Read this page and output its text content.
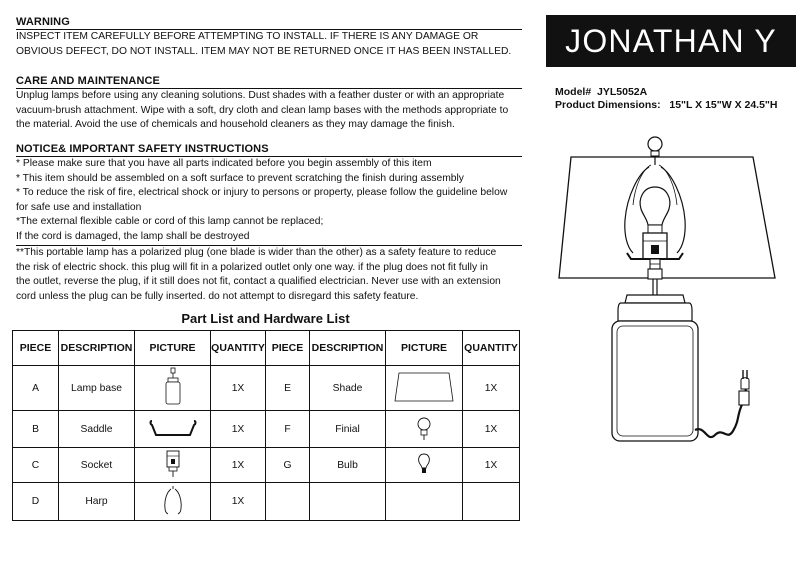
WARNING
INSPECT ITEM CAREFULLY BEFORE ATTEMPTING TO INSTALL. IF THERE IS ANY DAMAGE OR
OBVIOUS DEFECT, DO NOT INSTALL. ITEM MAY NOT BE RETURNED ONCE IT HAS BEEN INSTALLED.
CARE AND MAINTENANCE
Unplug lamps before using any cleaning solutions. Dust shades with a feather duster or with an appropriate
vacuum-brush attachment. Wipe with a soft, dry cloth and clean lamp bases with the methods appropriate to
the material. Avoid the use of chemicals and household cleaners as they may damage the finish.
NOTICE& IMPORTANT SAFETY INSTRUCTIONS
* Please make sure that you have all parts indicated before you begin assembly of this item
* This item should be assembled on a soft surface to prevent scratching the finish during assembly
* To reduce the risk of fire, electrical shock or injury to persons or property, please follow the guideline below
for safe use and installation
*The external flexible cable or cord of this lamp cannot be replaced;
If the cord is damaged, the lamp shall be destroyed
**This portable lamp has a polarized plug (one blade is wider than the other) as a safety feature to reduce
the risk of electric shock. this plug will fit in a polarized outlet only one way. if the plug does not fit fully in
the outlet, reverse the plug, if it still does not fit, contact a qualified electrician. Never use with an extension
cord unless the plug can be fully inserted. do not attempt to disregard this safety feature.
JONATHAN Y
Model# JYL5052A
Product Dimensions: 15"L X 15"W X 24.5"H
Part List and Hardware List
PIECE	DESCRIPTION	PICTURE	QUANTITY	PIECE	DESCRIPTION	PICTURE	QUANTITY
A	Lamp base		1X	E	Shade		1X
B	Saddle		1X	F	Finial		1X
C	Socket		1X	G	Bulb		1X
D	Harp		1X				
